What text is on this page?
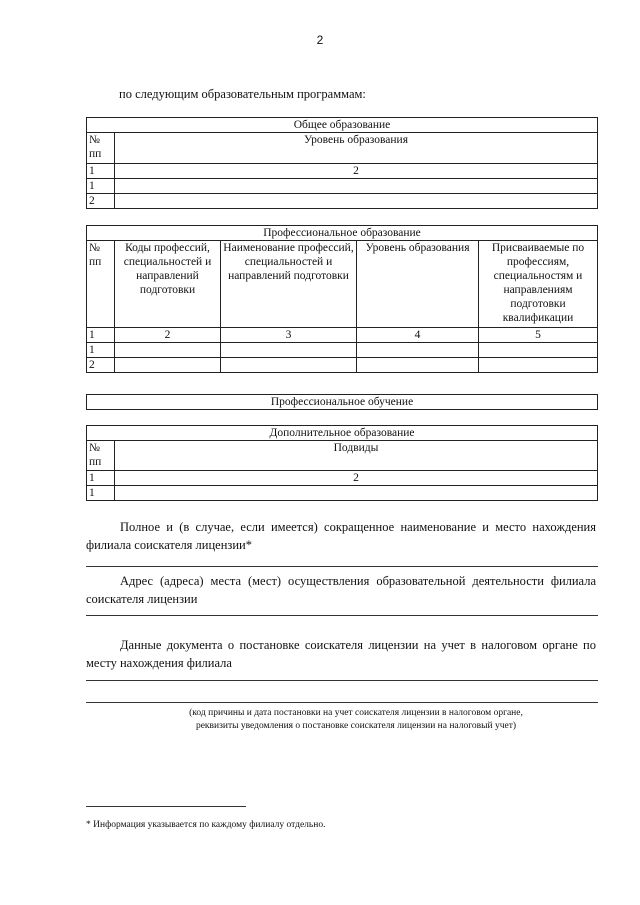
2
по следующим образовательным программам:
Общее образование	
№ пп	Уровень образования
1	2
1	
2	
Профессиональное образование				
№ пп	Коды профессий, специальностей и направлений подготовки	Наименование профессий, специальностей и направлений подготовки	Уровень образования	Присваиваемые по профессиям, специальностям и направлениям подготовки квалификации
1	2	3	4	5
1				
2				
Профессиональное обучение
Дополнительное образование	
№ пп	Подвиды
1	2
1	
Полное и (в случае, если имеется) сокращенное наименование и место нахождения филиала соискателя лицензии*
Адрес (адреса) места (мест) осуществления образовательной деятельности филиала соискателя лицензии
Данные документа о постановке соискателя лицензии на учет в налоговом органе по месту нахождения филиала
(код причины и дата постановки на учет соискателя лицензии в налоговом органе,
реквизиты уведомления о постановке соискателя лицензии на налоговый учет)
* Информация указывается по каждому филиалу отдельно.
